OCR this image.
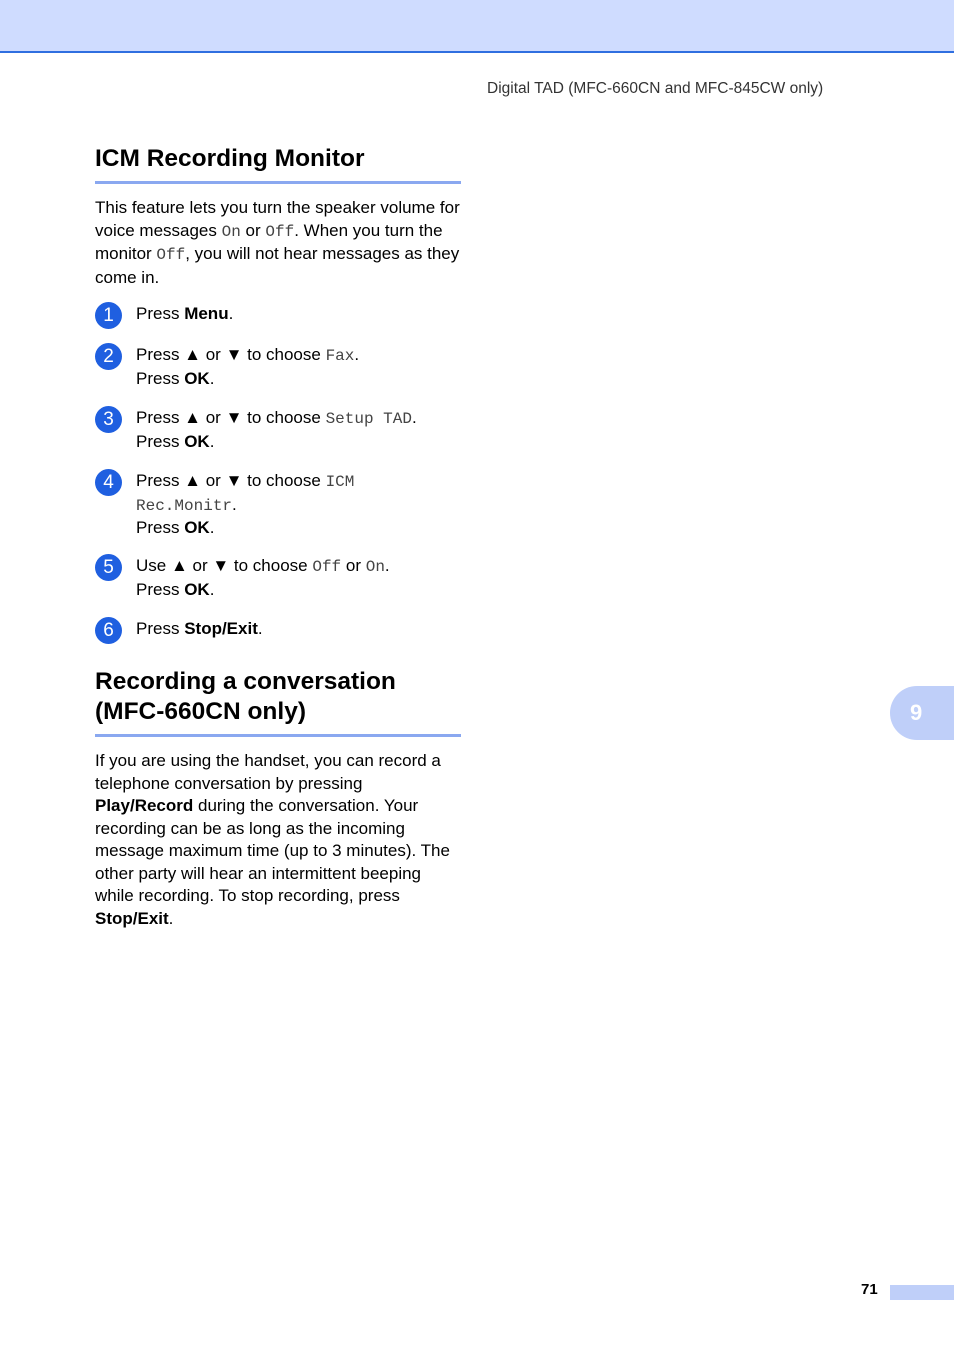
Digital TAD (MFC-660CN and MFC-845CW only)
ICM Recording Monitor

This feature lets you turn the speaker volume for voice messages On or Off. When you turn the monitor Off, you will not hear messages as they come in.

1	Press Menu.
2	Press ▲ or ▼ to choose Fax.
Press OK.
3	Press ▲ or ▼ to choose Setup TAD.
Press OK.
4	Press ▲ or ▼ to choose ICM
Rec.Monitr.
Press OK.
5	Use ▲ or ▼ to choose Off or On.
Press OK.
6	Press Stop/Exit.
Recording a conversation
(MFC-660CN only)

If you are using the handset, you can record a telephone conversation by pressing Play/Record during the conversation. Your recording can be as long as the incoming message maximum time (up to 3 minutes). The other party will hear an intermittent beeping while recording. To stop recording, press Stop/Exit.

9
71
